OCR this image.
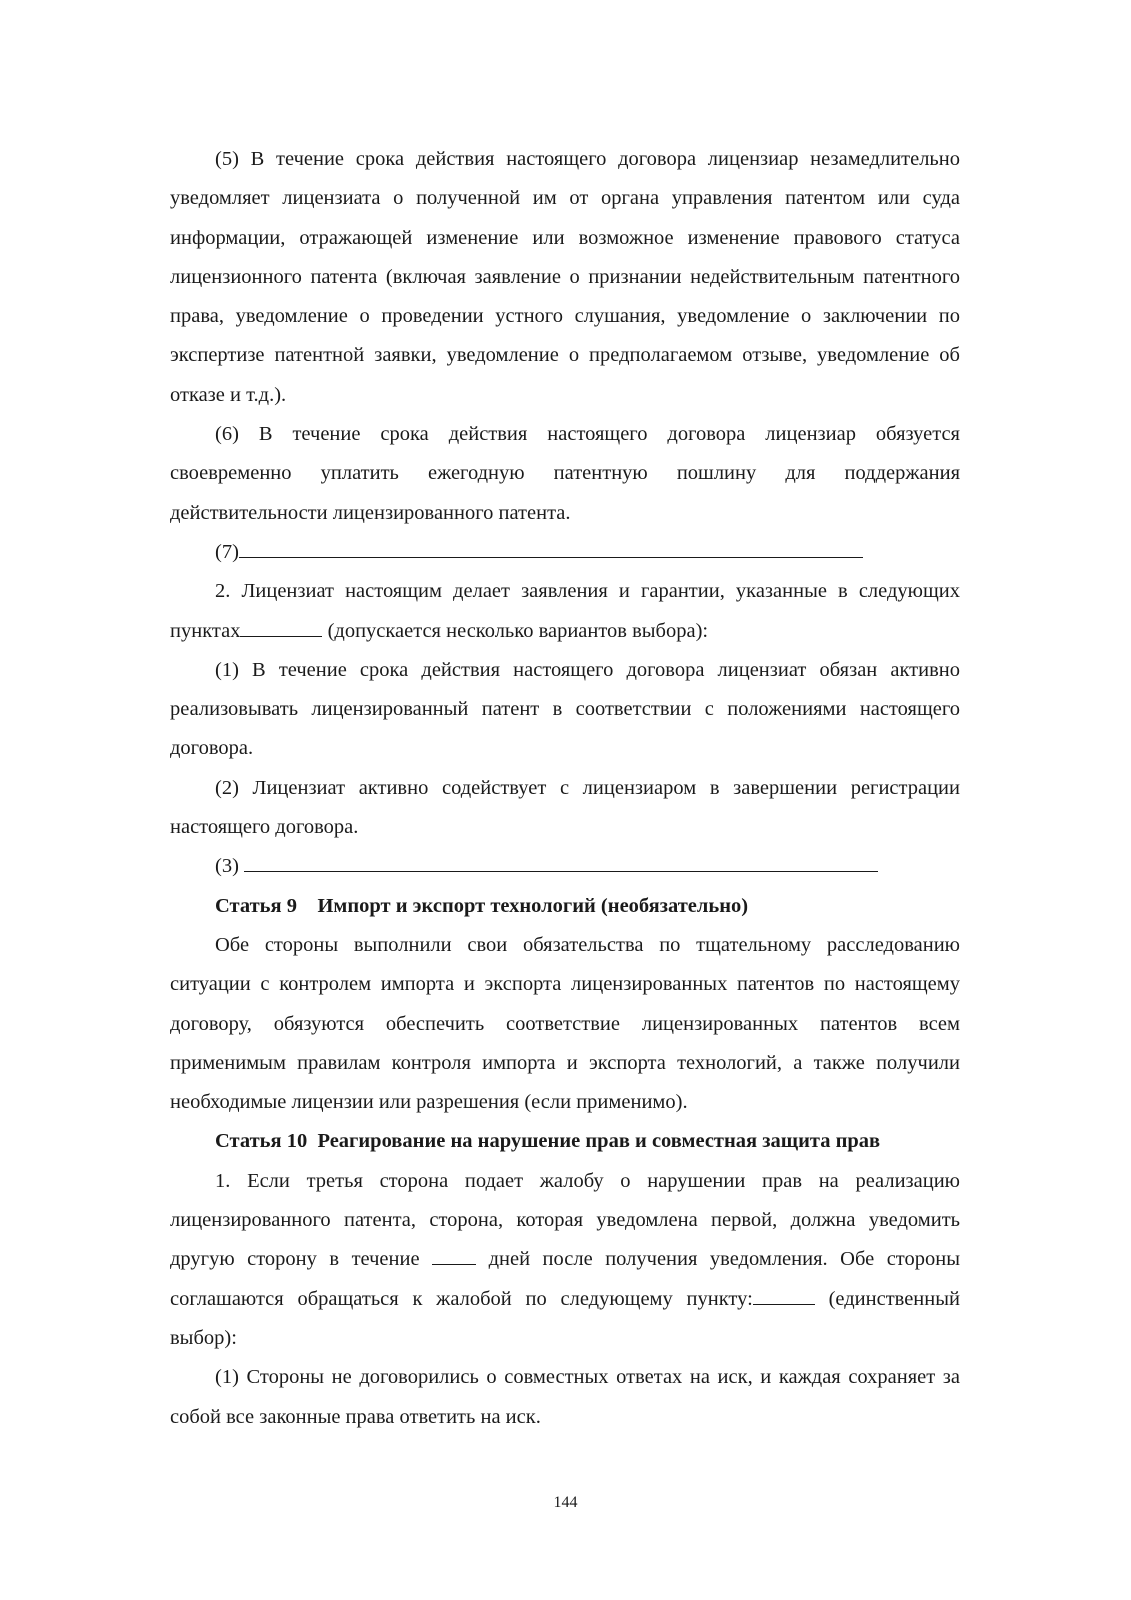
(5) В течение срока действия настоящего договора лицензиар незамедлительно уведомляет лицензиата о полученной им от органа управления патентом или суда информации, отражающей изменение или возможное изменение правового статуса лицензионного патента (включая заявление о признании недействительным патентного права, уведомление о проведении устного слушания, уведомление о заключении по экспертизе патентной заявки, уведомление о предполагаемом отзыве, уведомление об отказе и т.д.).

(6) В течение срока действия настоящего договора лицензиар обязуется своевременно уплатить ежегодную патентную пошлину для поддержания действительности лицензированного патента.

(7)

2. Лицензиат настоящим делает заявления и гарантии, указанные в следующих пунктах	(допускается несколько вариантов выбора):

(1) В течение срока действия настоящего договора лицензиат обязан активно реализовывать лицензированный патент в соответствии с положениями настоящего договора.

(2) Лицензиат активно содействует с лицензиаром в завершении регистрации настоящего договора.

(3)

Статья 9    Импорт и экспорт технологий (необязательно)

Обе стороны выполнили свои обязательства по тщательному расследованию ситуации с контролем импорта и экспорта лицензированных патентов по настоящему договору, обязуются обеспечить соответствие лицензированных патентов всем применимым правилам контроля импорта и экспорта технологий, а также получили необходимые лицензии или разрешения (если применимо).

Статья 10  Реагирование на нарушение прав и совместная защита прав

1. Если третья сторона подает жалобу о нарушении прав на реализацию лицензированного патента, сторона, которая уведомлена первой, должна уведомить другую сторону в течение  дней после получения уведомления. Обе стороны соглашаются обращаться к жалобой по следующему пункту:	(единственный выбор):

(1) Стороны не договорились о совместных ответах на иск, и каждая сохраняет за собой все законные права ответить на иск.

144
